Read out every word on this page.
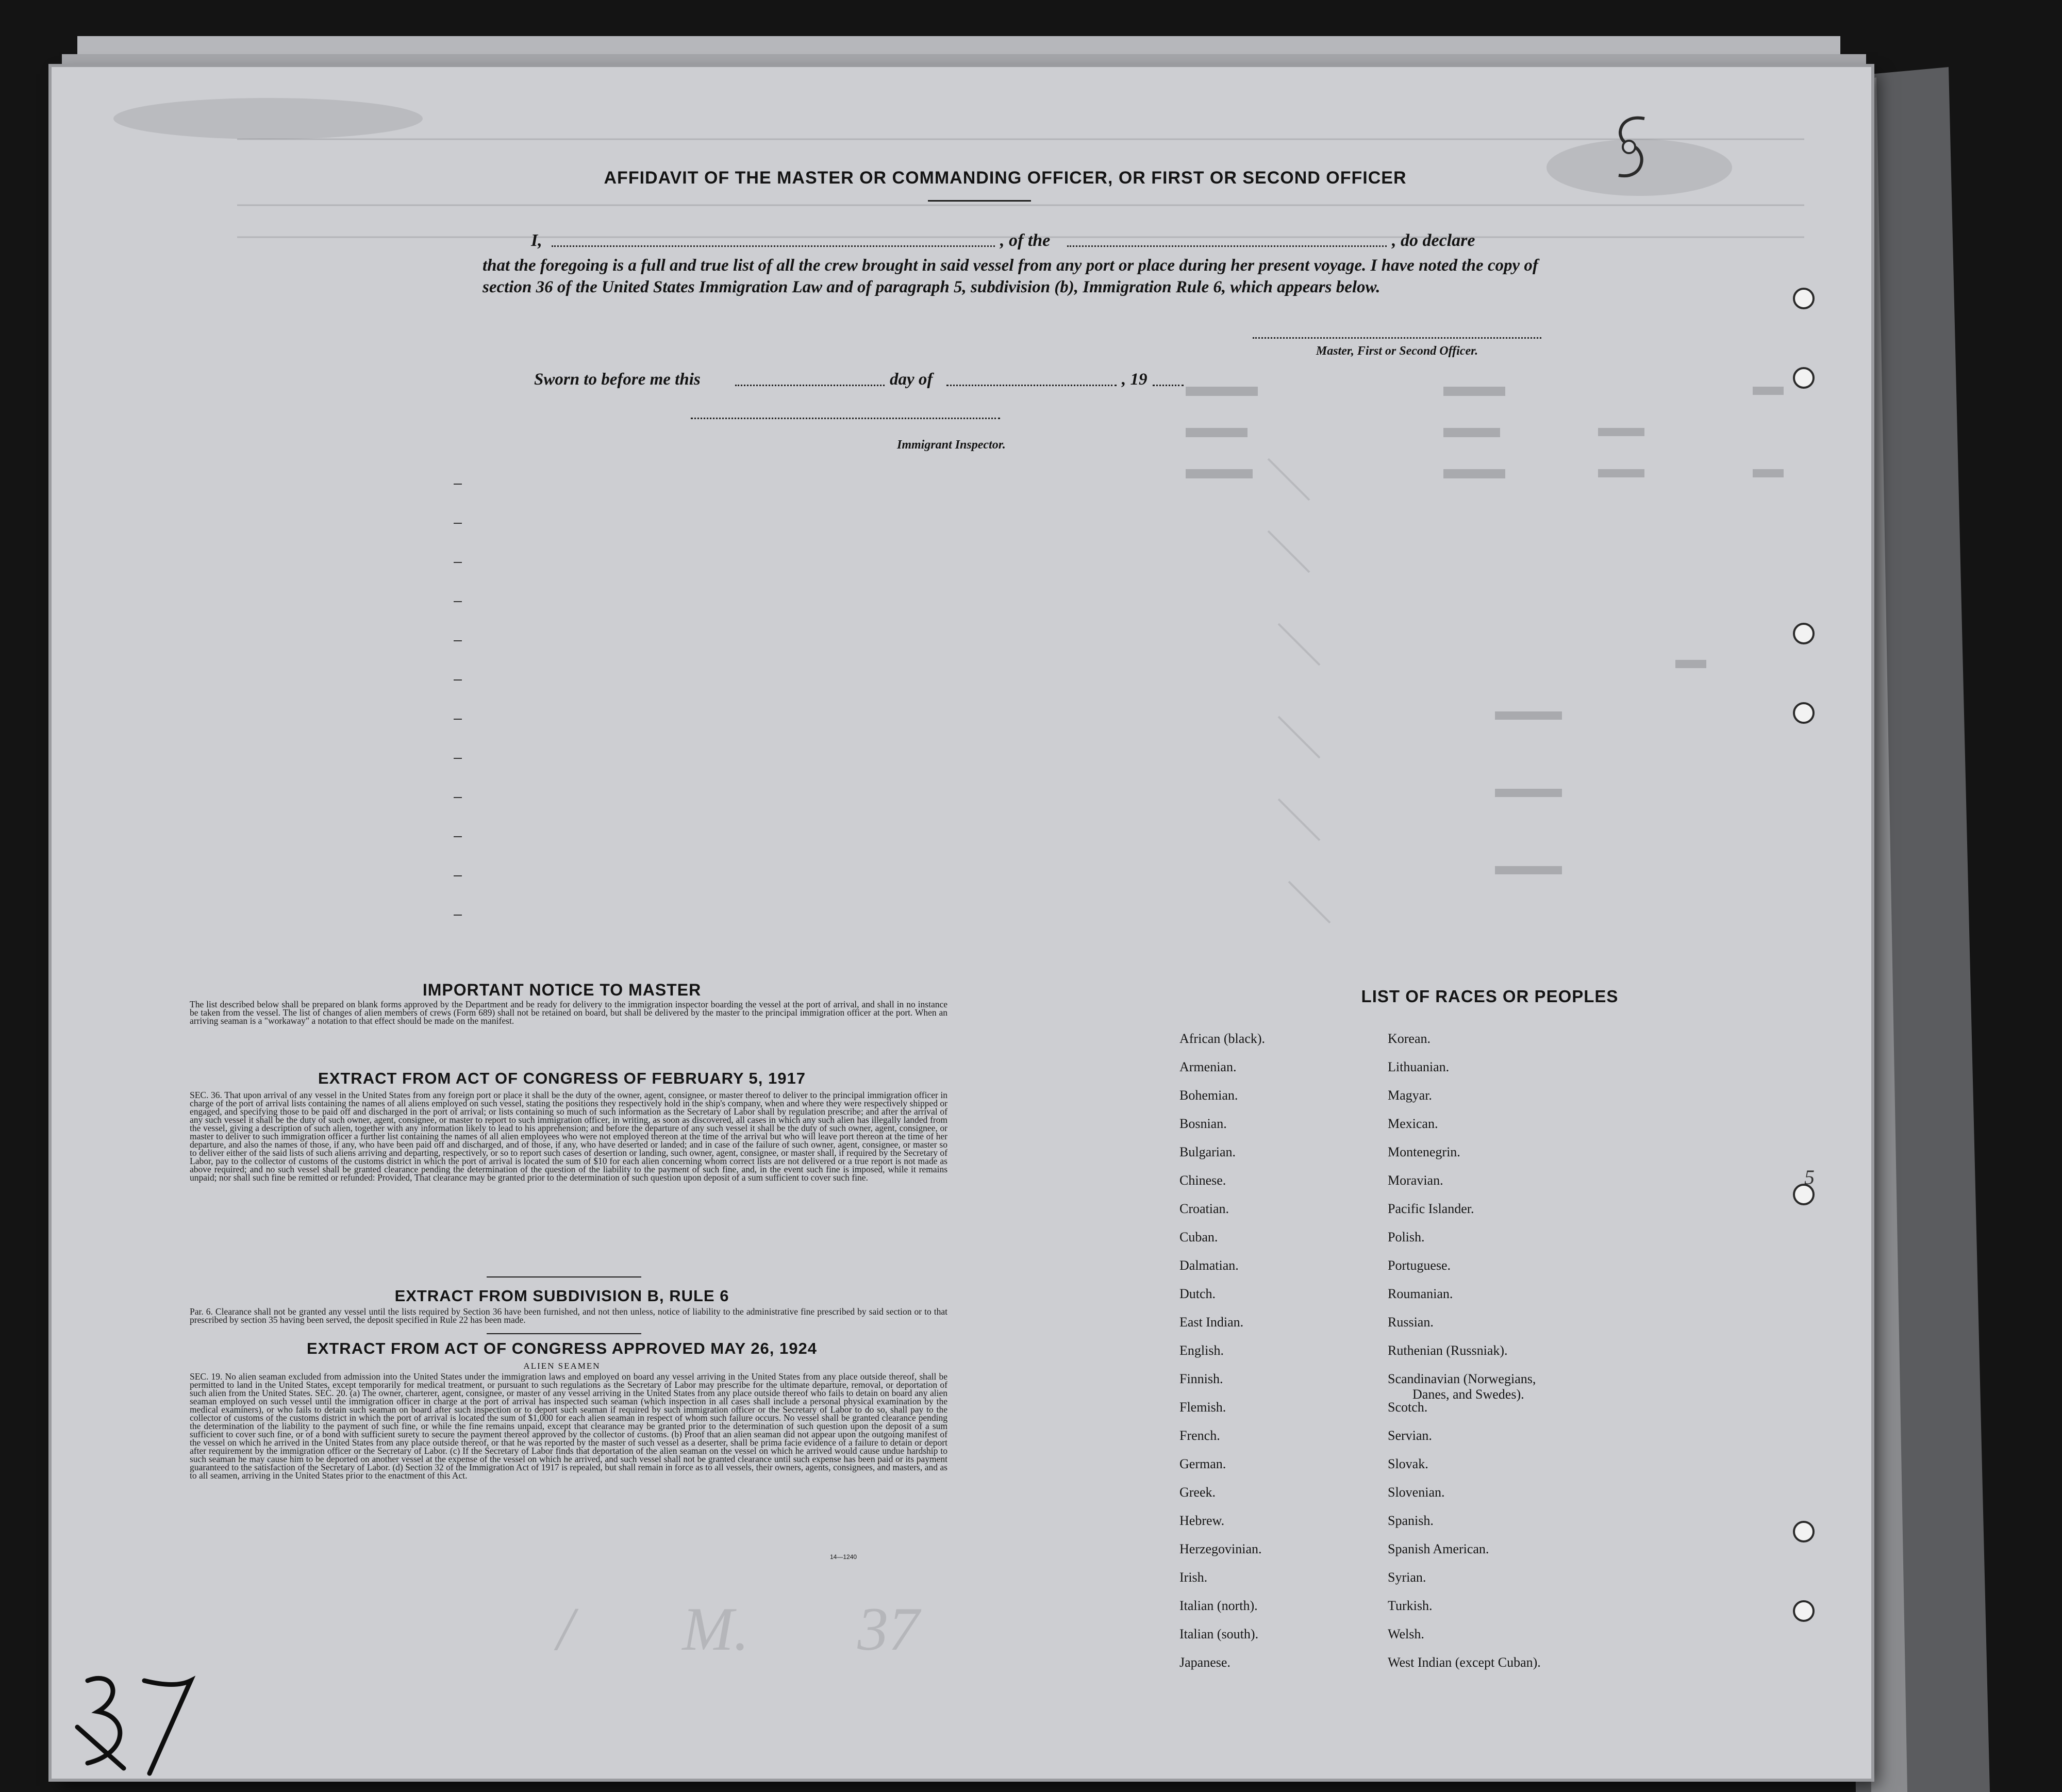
/       M.       37
AFFIDAVIT OF THE MASTER OR COMMANDING OFFICER, OR FIRST OR SECOND OFFICER
I,	, of the	, do declare
that the foregoing is a full and true list of all the crew brought in said vessel from any port or place during her present voyage. I have noted the copy of section 36 of the United States Immigration Law and of paragraph 5, subdivision (b), Immigration Rule 6, which appears below.
Master, First or Second Officer.
Sworn to before me this	day of	, 19
Immigrant Inspector.
IMPORTANT NOTICE TO MASTER
The list described below shall be prepared on blank forms approved by the Department and be ready for delivery to the immigration inspector boarding the vessel at the port of arrival, and shall in no instance be taken from the vessel. The list of changes of alien members of crews (Form 689) shall not be retained on board, but shall be delivered by the master to the principal immigration officer at the port. When an arriving seaman is a "workaway" a notation to that effect should be made on the manifest.
EXTRACT FROM ACT OF CONGRESS OF FEBRUARY 5, 1917
SEC. 36. That upon arrival of any vessel in the United States from any foreign port or place it shall be the duty of the owner, agent, consignee, or master thereof to deliver to the principal immigration officer in charge of the port of arrival lists containing the names of all aliens employed on such vessel, stating the positions they respectively hold in the ship's company, when and where they were respectively shipped or engaged, and specifying those to be paid off and discharged in the port of arrival; or lists containing so much of such information as the Secretary of Labor shall by regulation prescribe; and after the arrival of any such vessel it shall be the duty of such owner, agent, consignee, or master to report to such immigration officer, in writing, as soon as discovered, all cases in which any such alien has illegally landed from the vessel, giving a description of such alien, together with any information likely to lead to his apprehension; and before the departure of any such vessel it shall be the duty of such owner, agent, consignee, or master to deliver to such immigration officer a further list containing the names of all alien employees who were not employed thereon at the time of the arrival but who will leave port thereon at the time of her departure, and also the names of those, if any, who have been paid off and discharged, and of those, if any, who have deserted or landed; and in case of the failure of such owner, agent, consignee, or master so to deliver either of the said lists of such aliens arriving and departing, respectively, or so to report such cases of desertion or landing, such owner, agent, consignee, or master shall, if required by the Secretary of Labor, pay to the collector of customs of the customs district in which the port of arrival is located the sum of $10 for each alien concerning whom correct lists are not delivered or a true report is not made as above required; and no such vessel shall be granted clearance pending the determination of the question of the liability to the payment of such fine, and, in the event such fine is imposed, while it remains unpaid; nor shall such fine be remitted or refunded: Provided, That clearance may be granted prior to the determination of such question upon deposit of a sum sufficient to cover such fine.
EXTRACT FROM SUBDIVISION B, RULE 6
Par. 6. Clearance shall not be granted any vessel until the lists required by Section 36 have been furnished, and not then unless, notice of liability to the administrative fine prescribed by said section or to that prescribed by section 35 having been served, the deposit specified in Rule 22 has been made.
EXTRACT FROM ACT OF CONGRESS APPROVED MAY 26, 1924
ALIEN SEAMEN
SEC. 19. No alien seaman excluded from admission into the United States under the immigration laws and employed on board any vessel arriving in the United States from any place outside thereof, shall be permitted to land in the United States, except temporarily for medical treatment, or pursuant to such regulations as the Secretary of Labor may prescribe for the ultimate departure, removal, or deportation of such alien from the United States. SEC. 20. (a) The owner, charterer, agent, consignee, or master of any vessel arriving in the United States from any place outside thereof who fails to detain on board any alien seaman employed on such vessel until the immigration officer in charge at the port of arrival has inspected such seaman (which inspection in all cases shall include a personal physical examination by the medical examiners), or who fails to detain such seaman on board after such inspection or to deport such seaman if required by such immigration officer or the Secretary of Labor to do so, shall pay to the collector of customs of the customs district in which the port of arrival is located the sum of $1,000 for each alien seaman in respect of whom such failure occurs. No vessel shall be granted clearance pending the determination of the liability to the payment of such fine, or while the fine remains unpaid, except that clearance may be granted prior to the determination of such question upon the deposit of a sum sufficient to cover such fine, or of a bond with sufficient surety to secure the payment thereof approved by the collector of customs. (b) Proof that an alien seaman did not appear upon the outgoing manifest of the vessel on which he arrived in the United States from any place outside thereof, or that he was reported by the master of such vessel as a deserter, shall be prima facie evidence of a failure to detain or deport after requirement by the immigration officer or the Secretary of Labor. (c) If the Secretary of Labor finds that deportation of the alien seaman on the vessel on which he arrived would cause undue hardship to such seaman he may cause him to be deported on another vessel at the expense of the vessel on which he arrived, and such vessel shall not be granted clearance until such expense has been paid or its payment guaranteed to the satisfaction of the Secretary of Labor. (d) Section 32 of the Immigration Act of 1917 is repealed, but shall remain in force as to all vessels, their owners, agents, consignees, and masters, and as to all seamen, arriving in the United States prior to the enactment of this Act.
14—1240
LIST OF RACES OR PEOPLES
African (black).
Armenian.
Bohemian.
Bosnian.
Bulgarian.
Chinese.
Croatian.
Cuban.
Dalmatian.
Dutch.
East Indian.
English.
Finnish.
Flemish.
French.
German.
Greek.
Hebrew.
Herzegovinian.
Irish.
Italian (north).
Italian (south).
Japanese.
Korean.
Lithuanian.
Magyar.
Mexican.
Montenegrin.
Moravian.
Pacific Islander.
Polish.
Portuguese.
Roumanian.
Russian.
Ruthenian (Russniak).
Scandinavian (Norwegians,
Danes, and Swedes).
Scotch.
Servian.
Slovak.
Slovenian.
Spanish.
Spanish American.
Syrian.
Turkish.
Welsh.
West Indian (except Cuban).
5
